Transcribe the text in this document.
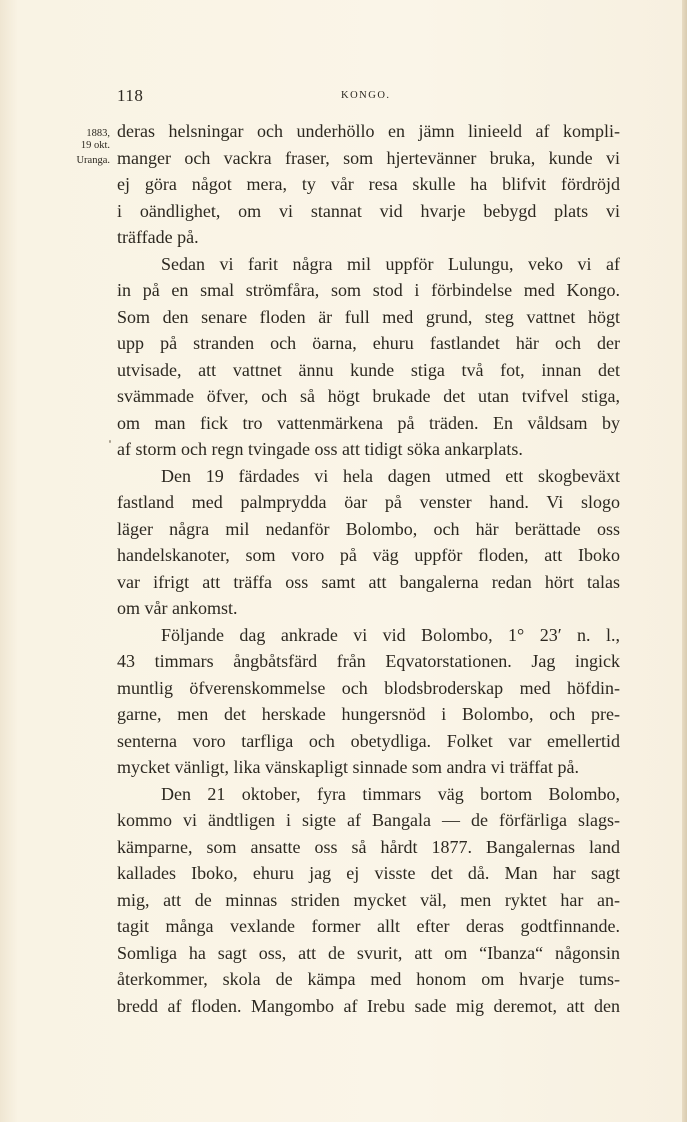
118	KONGO.
1883,
19 okt.
Uranga.
deras helsningar och underhöllo en jämn linieeld af kompli-
manger och vackra fraser, som hjertevänner bruka, kunde vi
ej göra något mera, ty vår resa skulle ha blifvit fördröjd
i oändlighet, om vi stannat vid hvarje bebygd plats vi
träffade på.
Sedan vi farit några mil uppför Lulungu, veko vi af
in på en smal strömfåra, som stod i förbindelse med Kongo.
Som den senare floden är full med grund, steg vattnet högt
upp på stranden och öarna, ehuru fastlandet här och der
utvisade, att vattnet ännu kunde stiga två fot, innan det
svämmade öfver, och så högt brukade det utan tvifvel stiga,
om man fick tro vattenmärkena på träden. En våldsam by
af storm och regn tvingade oss att tidigt söka ankarplats.
Den 19 färdades vi hela dagen utmed ett skogbeväxt
fastland med palmprydda öar på venster hand. Vi slogo
läger några mil nedanför Bolombo, och här berättade oss
handelskanoter, som voro på väg uppför floden, att Iboko
var ifrigt att träffa oss samt att bangalerna redan hört talas
om vår ankomst.
Följande dag ankrade vi vid Bolombo, 1° 23′ n. l.,
43 timmars ångbåtsfärd från Eqvatorstationen. Jag ingick
muntlig öfverenskommelse och blodsbroderskap med höfdin-
garne, men det herskade hungersnöd i Bolombo, och pre-
senterna voro tarfliga och obetydliga. Folket var emellertid
mycket vänligt, lika vänskapligt sinnade som andra vi träffat på.
Den 21 oktober, fyra timmars väg bortom Bolombo,
kommo vi ändtligen i sigte af Bangala — de förfärliga slags-
kämparne, som ansatte oss så hårdt 1877. Bangalernas land
kallades Iboko, ehuru jag ej visste det då. Man har sagt
mig, att de minnas striden mycket väl, men ryktet har an-
tagit många vexlande former allt efter deras godtfinnande.
Somliga ha sagt oss, att de svurit, att om “Ibanza“ någonsin
återkommer, skola de kämpa med honom om hvarje tums-
bredd af floden. Mangombo af Irebu sade mig deremot, att den
